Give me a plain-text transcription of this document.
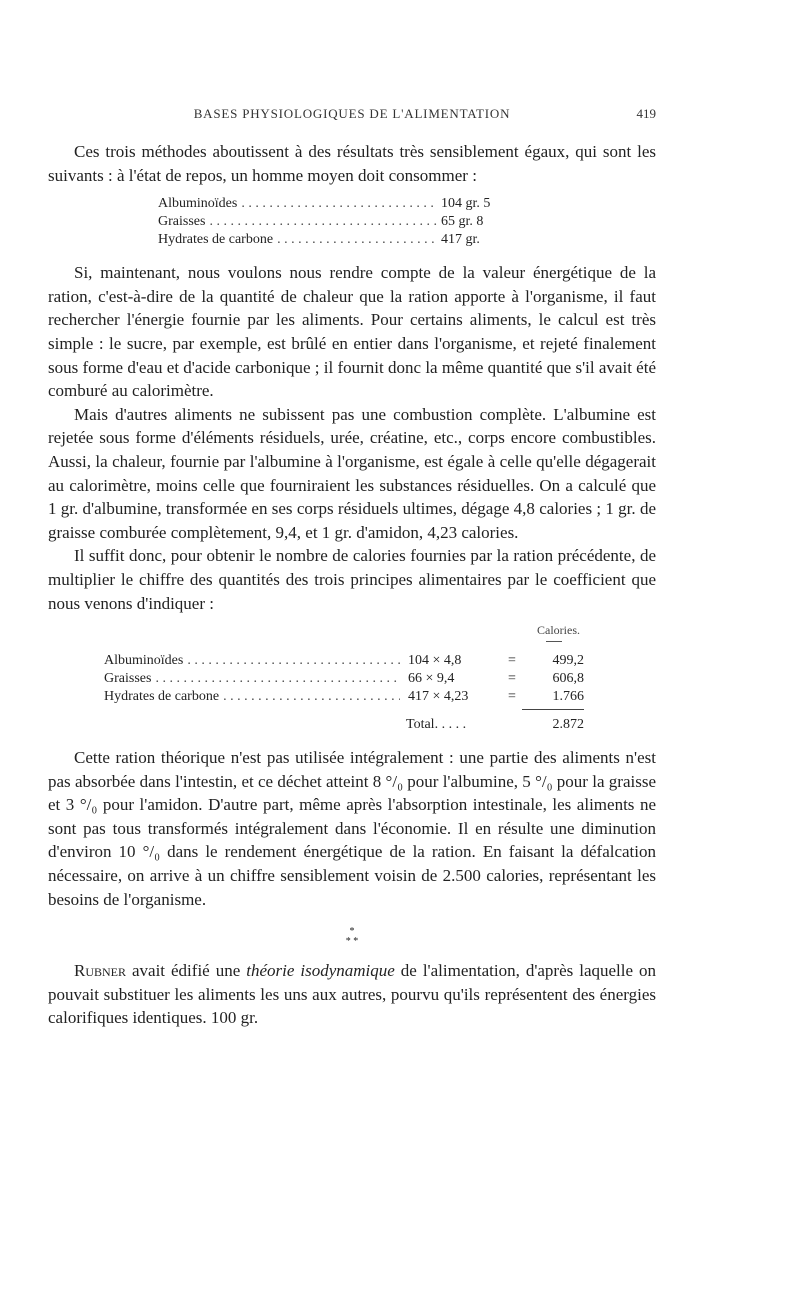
BASES PHYSIOLOGIQUES DE L'ALIMENTATION	419

Ces trois méthodes aboutissent à des résultats très sensiblement égaux, qui sont les suivants : à l'état de repos, un homme moyen doit consommer :

Albuminoïdes . . .	104 gr. 5
Graisses . . .	65 gr. 8
Hydrates de carbone . . .	417 gr.

Si, maintenant, nous voulons nous rendre compte de la valeur énergétique de la ration, c'est-à-dire de la quantité de chaleur que la ration apporte à l'organisme, il faut rechercher l'énergie fournie par les aliments. Pour certains aliments, le calcul est très simple : le sucre, par exemple, est brûlé en entier dans l'organisme, et rejeté finalement sous forme d'eau et d'acide carbonique ; il fournit donc la même quantité que s'il avait été comburé au calorimètre.

Mais d'autres aliments ne subissent pas une combustion complète. L'albumine est rejetée sous forme d'éléments résiduels, urée, créatine, etc., corps encore combustibles. Aussi, la chaleur, fournie par l'albumine à l'organisme, est égale à celle qu'elle dégagerait au calorimètre, moins celle que fourniraient les substances résiduelles. On a calculé que 1 gr. d'albumine, transformée en ses corps résiduels ultimes, dégage 4,8 calories ; 1 gr. de graisse comburée complètement, 9,4, et 1 gr. d'amidon, 4,23 calories.

Il suffit donc, pour obtenir le nombre de calories fournies par la ration précédente, de multiplier le chiffre des quantités des trois principes alimentaires par le coefficient que nous venons d'indiquer :

Calories.
Albuminoïdes . . .	104 × 4,8	=	499,2
Graisses . . .	66 × 9,4	=	606,8
Hydrates de carbone . . .	417 × 4,23	=	1.766
Total. . . . .	2.872

Cette ration théorique n'est pas utilisée intégralement : une partie des aliments n'est pas absorbée dans l'intestin, et ce déchet atteint 8 °/₀ pour l'albumine, 5 °/₀ pour la graisse et 3 °/₀ pour l'amidon. D'autre part, même après l'absorption intestinale, les aliments ne sont pas tous transformés intégralement dans l'économie. Il en résulte une diminution d'environ 10 °/₀ dans le rendement énergétique de la ration. En faisant la défalcation nécessaire, on arrive à un chiffre sensiblement voisin de 2.500 calories, représentant les besoins de l'organisme.

*
* *

Rubner avait édifié une théorie isodynamique de l'alimentation, d'après laquelle on pouvait substituer les aliments les uns aux autres, pourvu qu'ils représentent des énergies calorifiques identiques. 100 gr.
